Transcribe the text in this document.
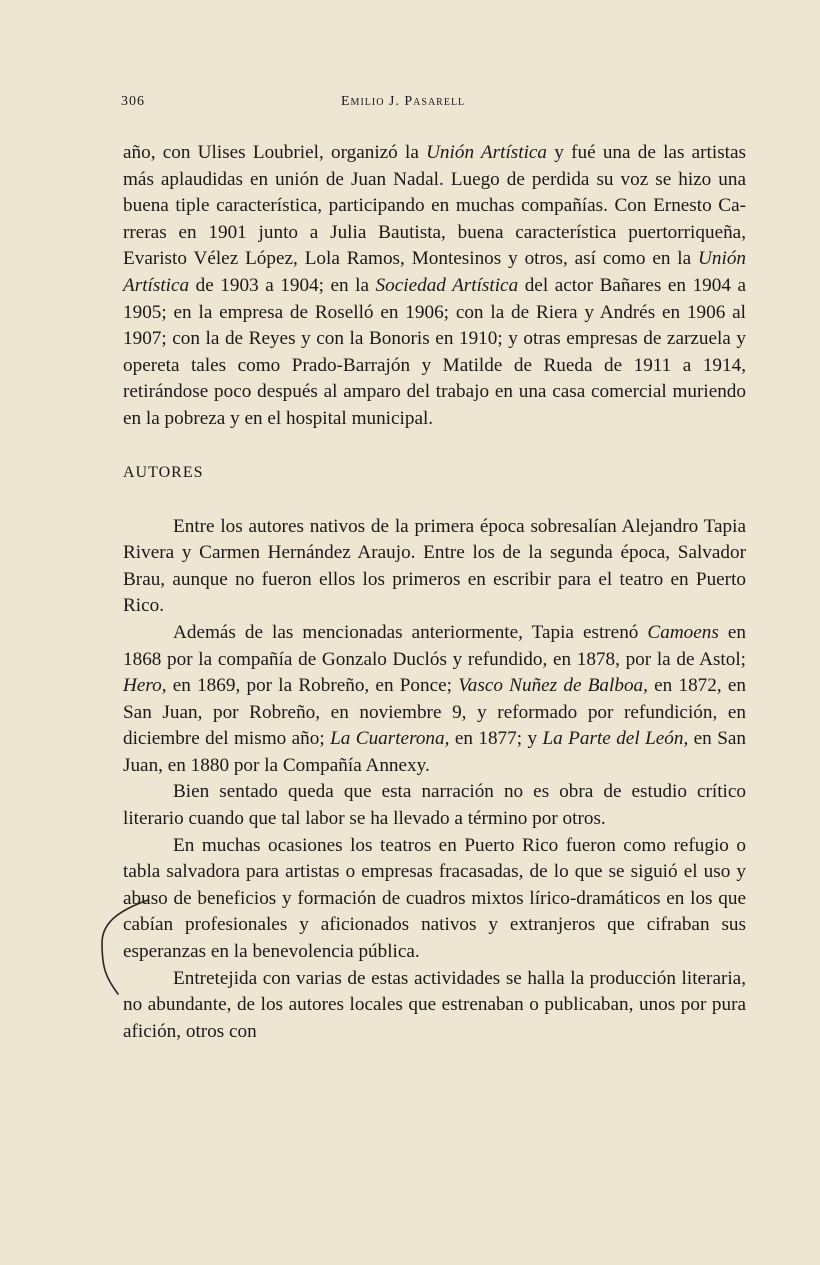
306	Emilio J. Pasarell

año, con Ulises Loubriel, organizó la Unión Artística y fué una de las artistas más aplaudidas en unión de Juan Nadal. Luego de perdida su voz se hizo una buena tiple característica, participando en muchas compañías. Con Ernesto Carreras en 1901 junto a Julia Bautista, buena característica puertorriqueña, Evaristo Vélez López, Lola Ramos, Montesinos y otros, así como en la Unión Artística de 1903 a 1904; en la Sociedad Artística del actor Bañares en 1904 a 1905; en la empresa de Roselló en 1906; con la de Riera y Andrés en 1906 al 1907; con la de Reyes y con la Bonoris en 1910; y otras empresas de zarzuela y opereta tales como Prado-Barrajón y Matilde de Rueda de 1911 a 1914, retirándose poco después al amparo del trabajo en una casa comercial muriendo en la pobreza y en el hospital municipal.

AUTORES

Entre los autores nativos de la primera época sobresalían Alejandro Tapia Rivera y Carmen Hernández Araujo. Entre los de la segunda época, Salvador Brau, aunque no fueron ellos los primeros en escribir para el teatro en Puerto Rico.

Además de las mencionadas anteriormente, Tapia estrenó Camoens en 1868 por la compañía de Gonzalo Duclós y refundido, en 1878, por la de Astol; Hero, en 1869, por la Robreño, en Ponce; Vasco Nuñez de Balboa, en 1872, en San Juan, por Robreño, en noviembre 9, y reformado por refundición, en diciembre del mismo año; La Cuarterona, en 1877; y La Parte del León, en San Juan, en 1880 por la Compañía Annexy.

Bien sentado queda que esta narración no es obra de estudio crítico literario cuando que tal labor se ha llevado a término por otros.

En muchas ocasiones los teatros en Puerto Rico fueron como refugio o tabla salvadora para artistas o empresas fracasadas, de lo que se siguió el uso y abuso de beneficios y formación de cuadros mixtos lírico-dramáticos en los que cabían profesionales y aficionados nativos y extranjeros que cifraban sus esperanzas en la benevolencia pública.

Entretejida con varias de estas actividades se halla la producción literaria, no abundante, de los autores locales que estrenaban o publicaban, unos por pura afición, otros con
